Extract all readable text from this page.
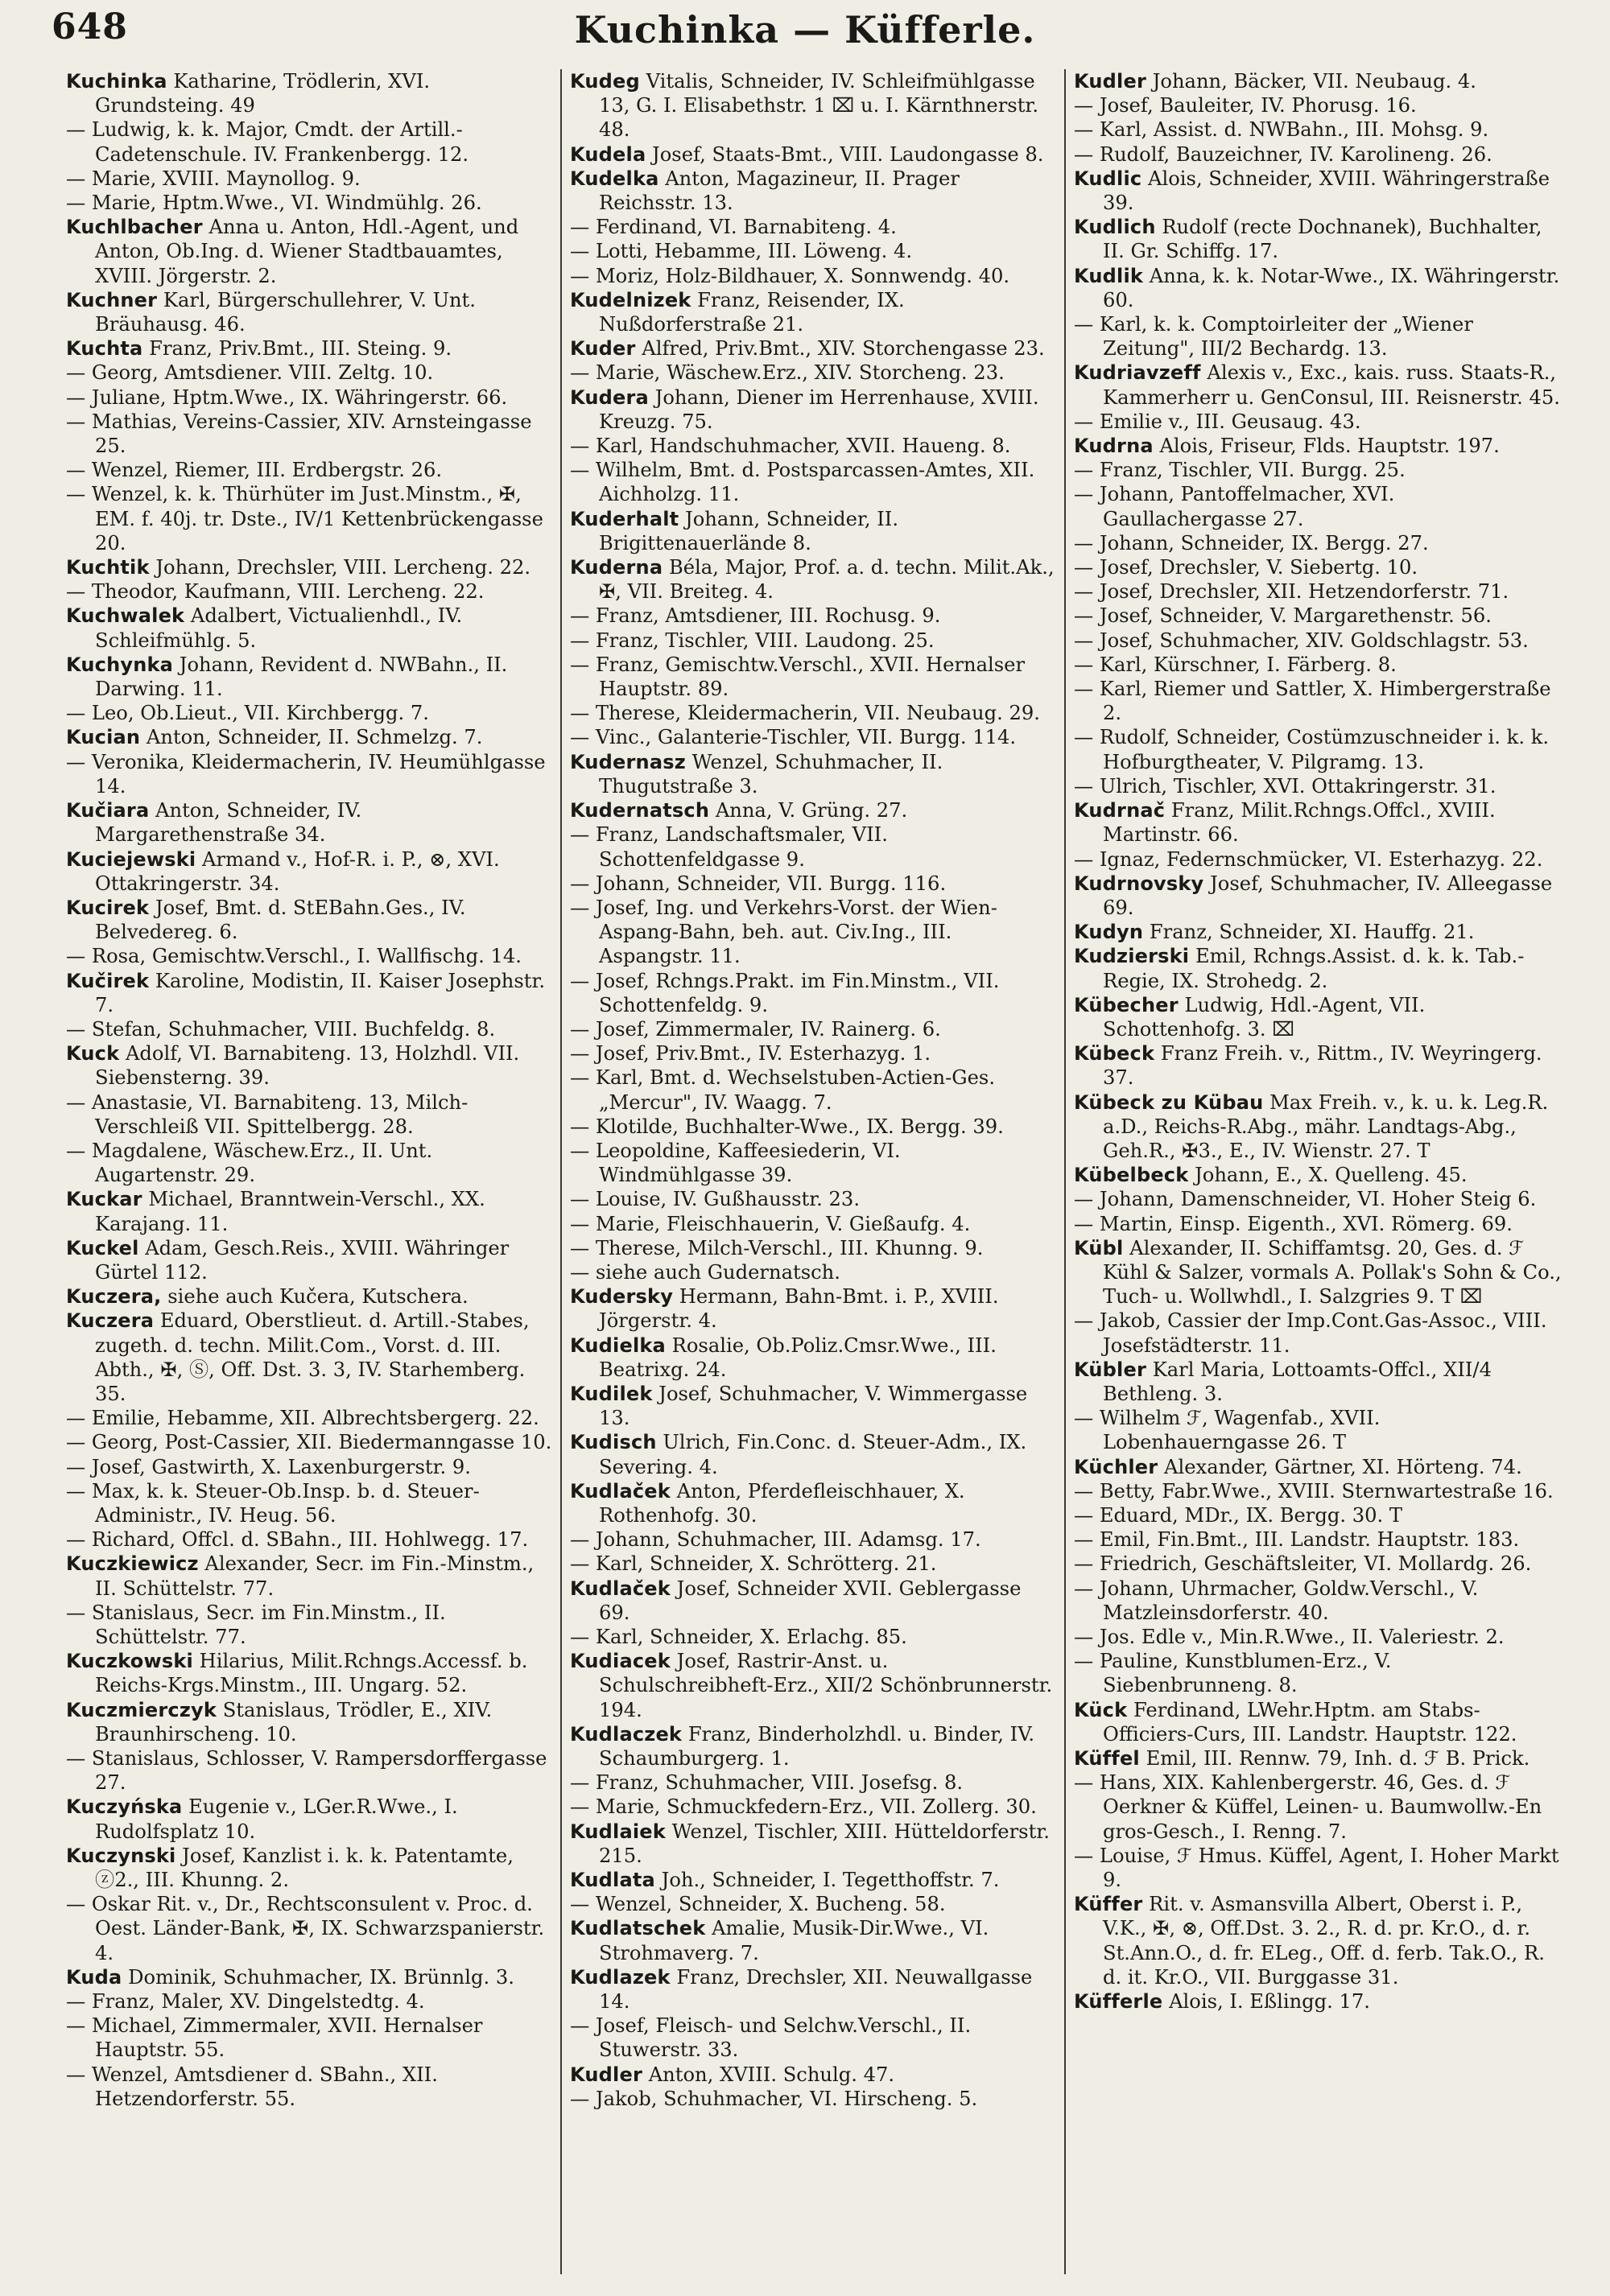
648	Kuchinka — Küfferle.

Kuchinka Katharine, Trödlerin, XVI. Grundsteing. 49

— Ludwig, k. k. Major, Cmdt. der Artill.-Cadetenschule. IV. Frankenbergg. 12.

— Marie, XVIII. Maynollog. 9.

— Marie, Hptm.Wwe., VI. Windmühlg. 26.

Kuchlbacher Anna u. Anton, Hdl.-Agent, und Anton, Ob.Ing. d. Wiener Stadtbauamtes, XVIII. Jörgerstr. 2.

Kuchner Karl, Bürgerschullehrer, V. Unt. Bräuhausg. 46.

Kuchta Franz, Priv.Bmt., III. Steing. 9.

— Georg, Amtsdiener. VIII. Zeltg. 10.

— Juliane, Hptm.Wwe., IX. Währingerstr. 66.

— Mathias, Vereins-Cassier, XIV. Arnsteingasse 25.

— Wenzel, Riemer, III. Erdbergstr. 26.

— Wenzel, k. k. Thürhüter im Just.Minstm., ✠, EM. f. 40j. tr. Dste., IV/1 Kettenbrückengasse 20.

Kuchtik Johann, Drechsler, VIII. Lercheng. 22.

— Theodor, Kaufmann, VIII. Lercheng. 22.

Kuchwalek Adalbert, Victualienhdl., IV. Schleifmühlg. 5.

Kuchynka Johann, Revident d. NWBahn., II. Darwing. 11.

— Leo, Ob.Lieut., VII. Kirchbergg. 7.

Kucian Anton, Schneider, II. Schmelzg. 7.

— Veronika, Kleidermacherin, IV. Heumühlgasse 14.

Kučiara Anton, Schneider, IV. Margarethenstraße 34.

Kuciejewski Armand v., Hof-R. i. P., ⊗, XVI. Ottakringerstr. 34.

Kucirek Josef, Bmt. d. StEBahn.Ges., IV. Belvedereg. 6.

— Rosa, Gemischtw.Verschl., I. Wallfischg. 14.

Kučirek Karoline, Modistin, II. Kaiser Josephstr. 7.

— Stefan, Schuhmacher, VIII. Buchfeldg. 8.

Kuck Adolf, VI. Barnabiteng. 13, Holzhdl. VII. Siebensterng. 39.

— Anastasie, VI. Barnabiteng. 13, Milch-Verschleiß VII. Spittelbergg. 28.

— Magdalene, Wäschew.Erz., II. Unt. Augartenstr. 29.

Kuckar Michael, Branntwein-Verschl., XX. Karajang. 11.

Kuckel Adam, Gesch.Reis., XVIII. Währinger Gürtel 112.

Kuczera, siehe auch Kučera, Kutschera.

Kuczera Eduard, Oberstlieut. d. Artill.-Stabes, zugeth. d. techn. Milit.Com., Vorst. d. III. Abth., ✠, Ⓢ, Off. Dst. 3. 3, IV. Starhemberg. 35.

— Emilie, Hebamme, XII. Albrechtsbergerg. 22.

— Georg, Post-Cassier, XII. Biedermanngasse 10.

— Josef, Gastwirth, X. Laxenburgerstr. 9.

— Max, k. k. Steuer-Ob.Insp. b. d. Steuer-Administr., IV. Heug. 56.

— Richard, Offcl. d. SBahn., III. Hohlwegg. 17.

Kuczkiewicz Alexander, Secr. im Fin.-Minstm., II. Schüttelstr. 77.

— Stanislaus, Secr. im Fin.Minstm., II. Schüttelstr. 77.

Kuczkowski Hilarius, Milit.Rchngs.Accessf. b. Reichs-Krgs.Minstm., III. Ungarg. 52.

Kuczmierczyk Stanislaus, Trödler, E., XIV. Braunhirscheng. 10.

— Stanislaus, Schlosser, V. Rampersdorffergasse 27.

Kuczyńska Eugenie v., LGer.R.Wwe., I. Rudolfsplatz 10.

Kuczynski Josef, Kanzlist i. k. k. Patentamte, ⓩ2., III. Khunng. 2.

— Oskar Rit. v., Dr., Rechtsconsulent v. Proc. d. Oest. Länder-Bank, ✠, IX. Schwarzspanierstr. 4.

Kuda Dominik, Schuhmacher, IX. Brünnlg. 3.

— Franz, Maler, XV. Dingelstedtg. 4.

— Michael, Zimmermaler, XVII. Hernalser Hauptstr. 55.

— Wenzel, Amtsdiener d. SBahn., XII. Hetzendorferstr. 55.

Kudeg Vitalis, Schneider, IV. Schleifmühlgasse 13, G. I. Elisabethstr. 1 ⌧ u. I. Kärnthnerstr. 48.

Kudela Josef, Staats-Bmt., VIII. Laudongasse 8.

Kudelka Anton, Magazineur, II. Prager Reichsstr. 13.

— Ferdinand, VI. Barnabiteng. 4.

— Lotti, Hebamme, III. Löweng. 4.

— Moriz, Holz-Bildhauer, X. Sonnwendg. 40.

Kudelnizek Franz, Reisender, IX. Nußdorferstraße 21.

Kuder Alfred, Priv.Bmt., XIV. Storchengasse 23.

— Marie, Wäschew.Erz., XIV. Storcheng. 23.

Kudera Johann, Diener im Herrenhause, XVIII. Kreuzg. 75.

— Karl, Handschuhmacher, XVII. Haueng. 8.

— Wilhelm, Bmt. d. Postsparcassen-Amtes, XII. Aichholzg. 11.

Kuderhalt Johann, Schneider, II. Brigittenauerlände 8.

Kuderna Béla, Major, Prof. a. d. techn. Milit.Ak., ✠, VII. Breiteg. 4.

— Franz, Amtsdiener, III. Rochusg. 9.

— Franz, Tischler, VIII. Laudong. 25.

— Franz, Gemischtw.Verschl., XVII. Hernalser Hauptstr. 89.

— Therese, Kleidermacherin, VII. Neubaug. 29.

— Vinc., Galanterie-Tischler, VII. Burgg. 114.

Kudernasz Wenzel, Schuhmacher, II. Thugutstraße 3.

Kudernatsch Anna, V. Grüng. 27.

— Franz, Landschaftsmaler, VII. Schottenfeldgasse 9.

— Johann, Schneider, VII. Burgg. 116.

— Josef, Ing. und Verkehrs-Vorst. der Wien-Aspang-Bahn, beh. aut. Civ.Ing., III. Aspangstr. 11.

— Josef, Rchngs.Prakt. im Fin.Minstm., VII. Schottenfeldg. 9.

— Josef, Zimmermaler, IV. Rainerg. 6.

— Josef, Priv.Bmt., IV. Esterhazyg. 1.

— Karl, Bmt. d. Wechselstuben-Actien-Ges. „Mercur", IV. Waagg. 7.

— Klotilde, Buchhalter-Wwe., IX. Bergg. 39.

— Leopoldine, Kaffeesiederin, VI. Windmühlgasse 39.

— Louise, IV. Gußhausstr. 23.

— Marie, Fleischhauerin, V. Gießaufg. 4.

— Therese, Milch-Verschl., III. Khunng. 9.

— siehe auch Gudernatsch.

Kudersky Hermann, Bahn-Bmt. i. P., XVIII. Jörgerstr. 4.

Kudielka Rosalie, Ob.Poliz.Cmsr.Wwe., III. Beatrixg. 24.

Kudilek Josef, Schuhmacher, V. Wimmergasse 13.

Kudisch Ulrich, Fin.Conc. d. Steuer-Adm., IX. Severing. 4.

Kudlaček Anton, Pferdefleischhauer, X. Rothenhofg. 30.

— Johann, Schuhmacher, III. Adamsg. 17.

— Karl, Schneider, X. Schrötterg. 21.

Kudlaček Josef, Schneider XVII. Geblergasse 69.

— Karl, Schneider, X. Erlachg. 85.

Kudiacek Josef, Rastrir-Anst. u. Schulschreibheft-Erz., XII/2 Schönbrunnerstr. 194.

Kudlaczek Franz, Binderholzhdl. u. Binder, IV. Schaumburgerg. 1.

— Franz, Schuhmacher, VIII. Josefsg. 8.

— Marie, Schmuckfedern-Erz., VII. Zollerg. 30.

Kudlaiek Wenzel, Tischler, XIII. Hütteldorferstr. 215.

Kudlata Joh., Schneider, I. Tegetthoffstr. 7.

— Wenzel, Schneider, X. Bucheng. 58.

Kudlatschek Amalie, Musik-Dir.Wwe., VI. Strohmaverg. 7.

Kudlazek Franz, Drechsler, XII. Neuwallgasse 14.

— Josef, Fleisch- und Selchw.Verschl., II. Stuwerstr. 33.

Kudler Anton, XVIII. Schulg. 47.

— Jakob, Schuhmacher, VI. Hirscheng. 5.

Kudler Johann, Bäcker, VII. Neubaug. 4.

— Josef, Bauleiter, IV. Phorusg. 16.

— Karl, Assist. d. NWBahn., III. Mohsg. 9.

— Rudolf, Bauzeichner, IV. Karolineng. 26.

Kudlic Alois, Schneider, XVIII. Währingerstraße 39.

Kudlich Rudolf (recte Dochnanek), Buchhalter, II. Gr. Schiffg. 17.

Kudlik Anna, k. k. Notar-Wwe., IX. Währingerstr. 60.

— Karl, k. k. Comptoirleiter der „Wiener Zeitung", III/2 Bechardg. 13.

Kudriavzeff Alexis v., Exc., kais. russ. Staats-R., Kammerherr u. GenConsul, III. Reisnerstr. 45.

— Emilie v., III. Geusaug. 43.

Kudrna Alois, Friseur, Flds. Hauptstr. 197.

— Franz, Tischler, VII. Burgg. 25.

— Johann, Pantoffelmacher, XVI. Gaullachergasse 27.

— Johann, Schneider, IX. Bergg. 27.

— Josef, Drechsler, V. Siebertg. 10.

— Josef, Drechsler, XII. Hetzendorferstr. 71.

— Josef, Schneider, V. Margarethenstr. 56.

— Josef, Schuhmacher, XIV. Goldschlagstr. 53.

— Karl, Kürschner, I. Färberg. 8.

— Karl, Riemer und Sattler, X. Himbergerstraße 2.

— Rudolf, Schneider, Costümzuschneider i. k. k. Hofburgtheater, V. Pilgramg. 13.

— Ulrich, Tischler, XVI. Ottakringerstr. 31.

Kudrnač Franz, Milit.Rchngs.Offcl., XVIII. Martinstr. 66.

— Ignaz, Federnschmücker, VI. Esterhazyg. 22.

Kudrnovsky Josef, Schuhmacher, IV. Alleegasse 69.

Kudyn Franz, Schneider, XI. Hauffg. 21.

Kudzierski Emil, Rchngs.Assist. d. k. k. Tab.-Regie, IX. Strohedg. 2.

Kübecher Ludwig, Hdl.-Agent, VII. Schottenhofg. 3. ⌧

Kübeck Franz Freih. v., Rittm., IV. Weyringerg. 37.

Kübeck zu Kübau Max Freih. v., k. u. k. Leg.R. a.D., Reichs-R.Abg., mähr. Landtags-Abg., Geh.R., ✠3., E., IV. Wienstr. 27. T

Kübelbeck Johann, E., X. Quelleng. 45.

— Johann, Damenschneider, VI. Hoher Steig 6.

— Martin, Einsp. Eigenth., XVI. Römerg. 69.

Kübl Alexander, II. Schiffamtsg. 20, Ges. d. ℱ Kühl & Salzer, vormals A. Pollak's Sohn & Co., Tuch- u. Wollwhdl., I. Salzgries 9. T ⌧

— Jakob, Cassier der Imp.Cont.Gas-Assoc., VIII. Josefstädterstr. 11.

Kübler Karl Maria, Lottoamts-Offcl., XII/4 Bethleng. 3.

— Wilhelm ℱ, Wagenfab., XVII. Lobenhauerngasse 26. T

Küchler Alexander, Gärtner, XI. Hörteng. 74.

— Betty, Fabr.Wwe., XVIII. Sternwartestraße 16.

— Eduard, MDr., IX. Bergg. 30. T

— Emil, Fin.Bmt., III. Landstr. Hauptstr. 183.

— Friedrich, Geschäftsleiter, VI. Mollardg. 26.

— Johann, Uhrmacher, Goldw.Verschl., V. Matzleinsdorferstr. 40.

— Jos. Edle v., Min.R.Wwe., II. Valeriestr. 2.

— Pauline, Kunstblumen-Erz., V. Siebenbrunneng. 8.

Kück Ferdinand, LWehr.Hptm. am Stabs-Officiers-Curs, III. Landstr. Hauptstr. 122.

Küffel Emil, III. Rennw. 79, Inh. d. ℱ B. Prick.

— Hans, XIX. Kahlenbergerstr. 46, Ges. d. ℱ Oerkner & Küffel, Leinen- u. Baumwollw.-En gros-Gesch., I. Renng. 7.

— Louise, ℱ Hmus. Küffel, Agent, I. Hoher Markt 9.

Küffer Rit. v. Asmansvilla Albert, Oberst i. P., V.K., ✠, ⊗, Off.Dst. 3. 2., R. d. pr. Kr.O., d. r. St.Ann.O., d. fr. ELeg., Off. d. ferb. Tak.O., R. d. it. Kr.O., VII. Burggasse 31.

Küfferle Alois, I. Eßlingg. 17.
